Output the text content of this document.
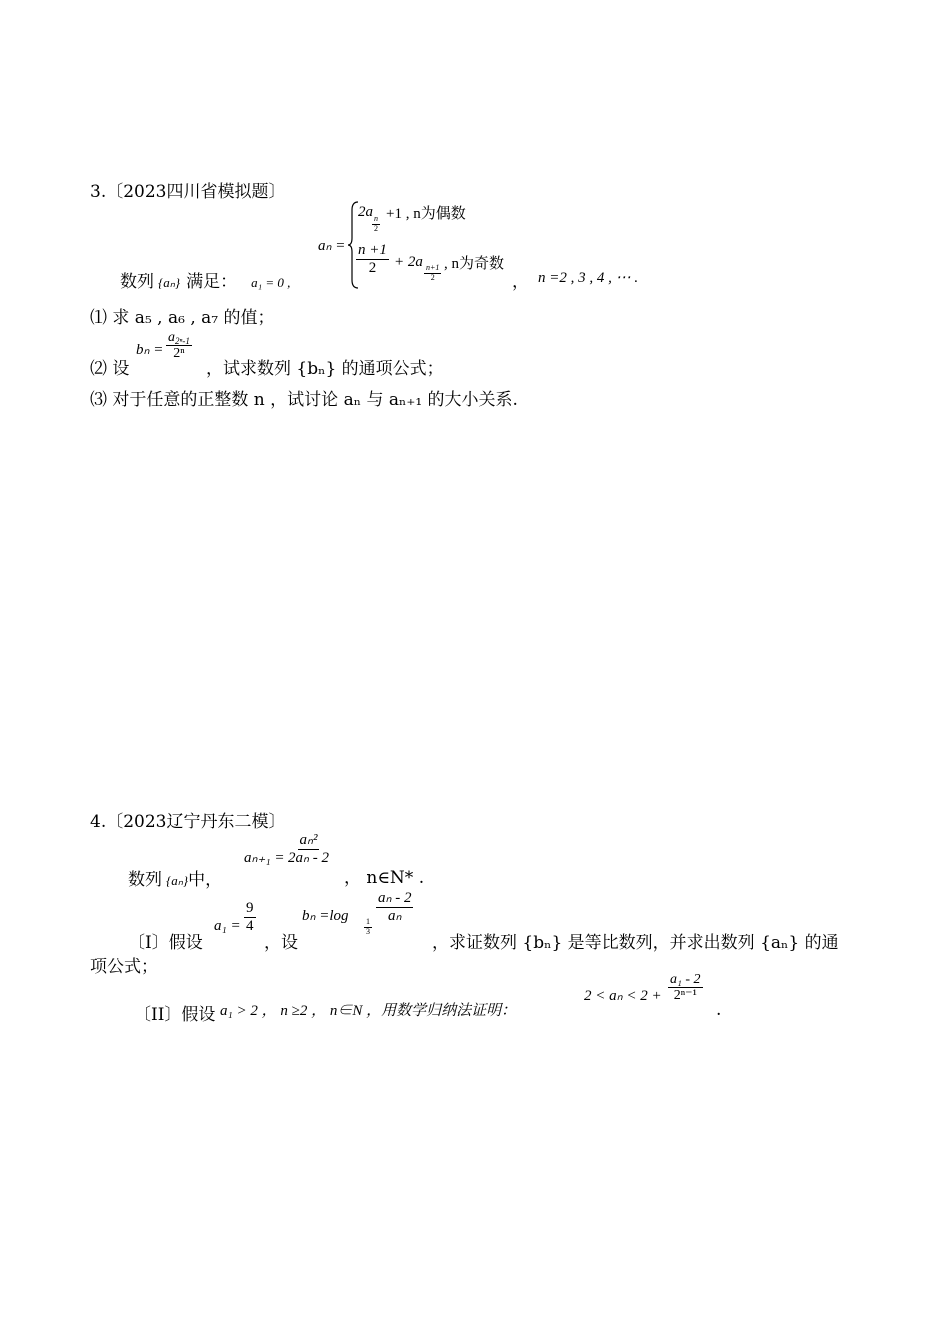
3.〔2023四川省模拟题〕
aₙ =
2a
$\frac{n}{2}$
+1 , n为偶数
$\frac{n +1}{2} + 2a$
$\frac{n+1}{2}$ , n为奇数
数列 {aₙ} 满足： a₁ = 0 ,	， n =2 , 3 , 4 , ⋯ .
⑴ 求 a₅ , a₆ , a₇ 的值；
⑵ 设
$b_n = \frac{a_{2^n-1}}{\text{2ⁿ}}$
，试求数列 {bₙ} 的通项公式；
⑶ 对于任意的正整数 n ，试讨论 aₙ 与 aₙ₊₁ 的大小关系.
4.〔2023辽宁丹东二模〕
数列 {aₙ}中，
$a_{n+1} = \frac{\text{aₙ²}}{\text{2aₙ - 2}}$
， n∈N* .
〔I〕假设
$a_1 = \frac{9}{4}$
，设
bₙ =log
$\frac{1}{3}$
$\frac{\text{aₙ - 2}}{\text{aₙ}}$
，求证数列 {bₙ} 是等比数列，并求出数列 {aₙ} 的通
项公式；
〔II〕假设 a₁ > 2 ， n ≥2 ， n∈N ，用数学归纳法证明：
$2 < a_n < 2 + \frac{\text{a₁ - 2}}{\text{2ⁿ⁻¹}}$
.
